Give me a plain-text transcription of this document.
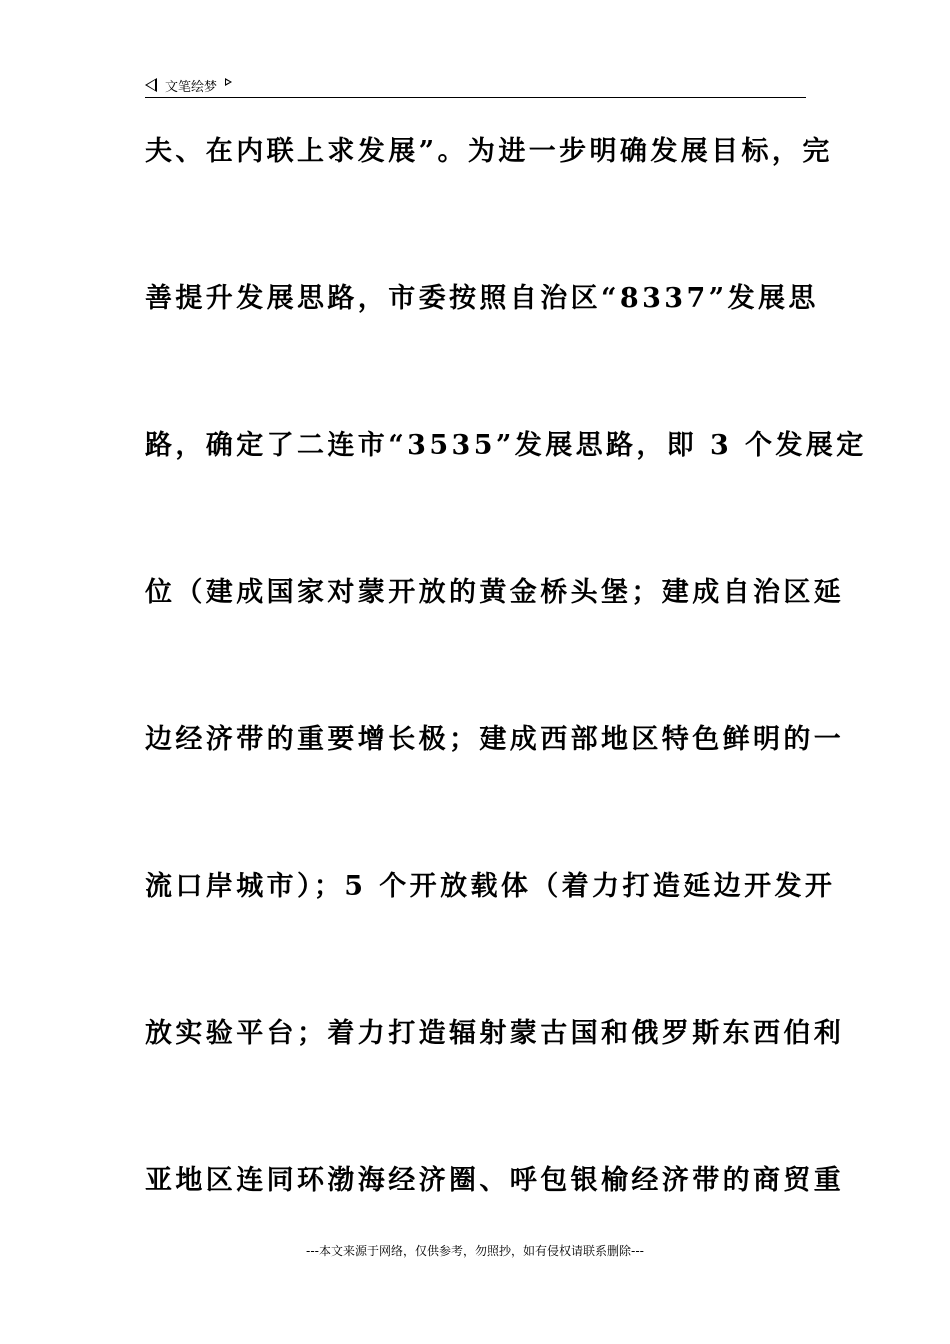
文笔绘梦
夫、在内联上求发展”。为进一步明确发展目标，完
善提升发展思路，市委按照自治区“8337”发展思
路，确定了二连市“3535”发展思路，即 3 个发展定
位（建成国家对蒙开放的黄金桥头堡；建成自治区延
边经济带的重要增长极；建成西部地区特色鲜明的一
流口岸城市）；5 个开放载体（着力打造延边开发开
放实验平台；着力打造辐射蒙古国和俄罗斯东西伯利
亚地区连同环渤海经济圈、呼包银榆经济带的商贸重
---本文来源于网络，仅供参考，勿照抄，如有侵权请联系删除---
